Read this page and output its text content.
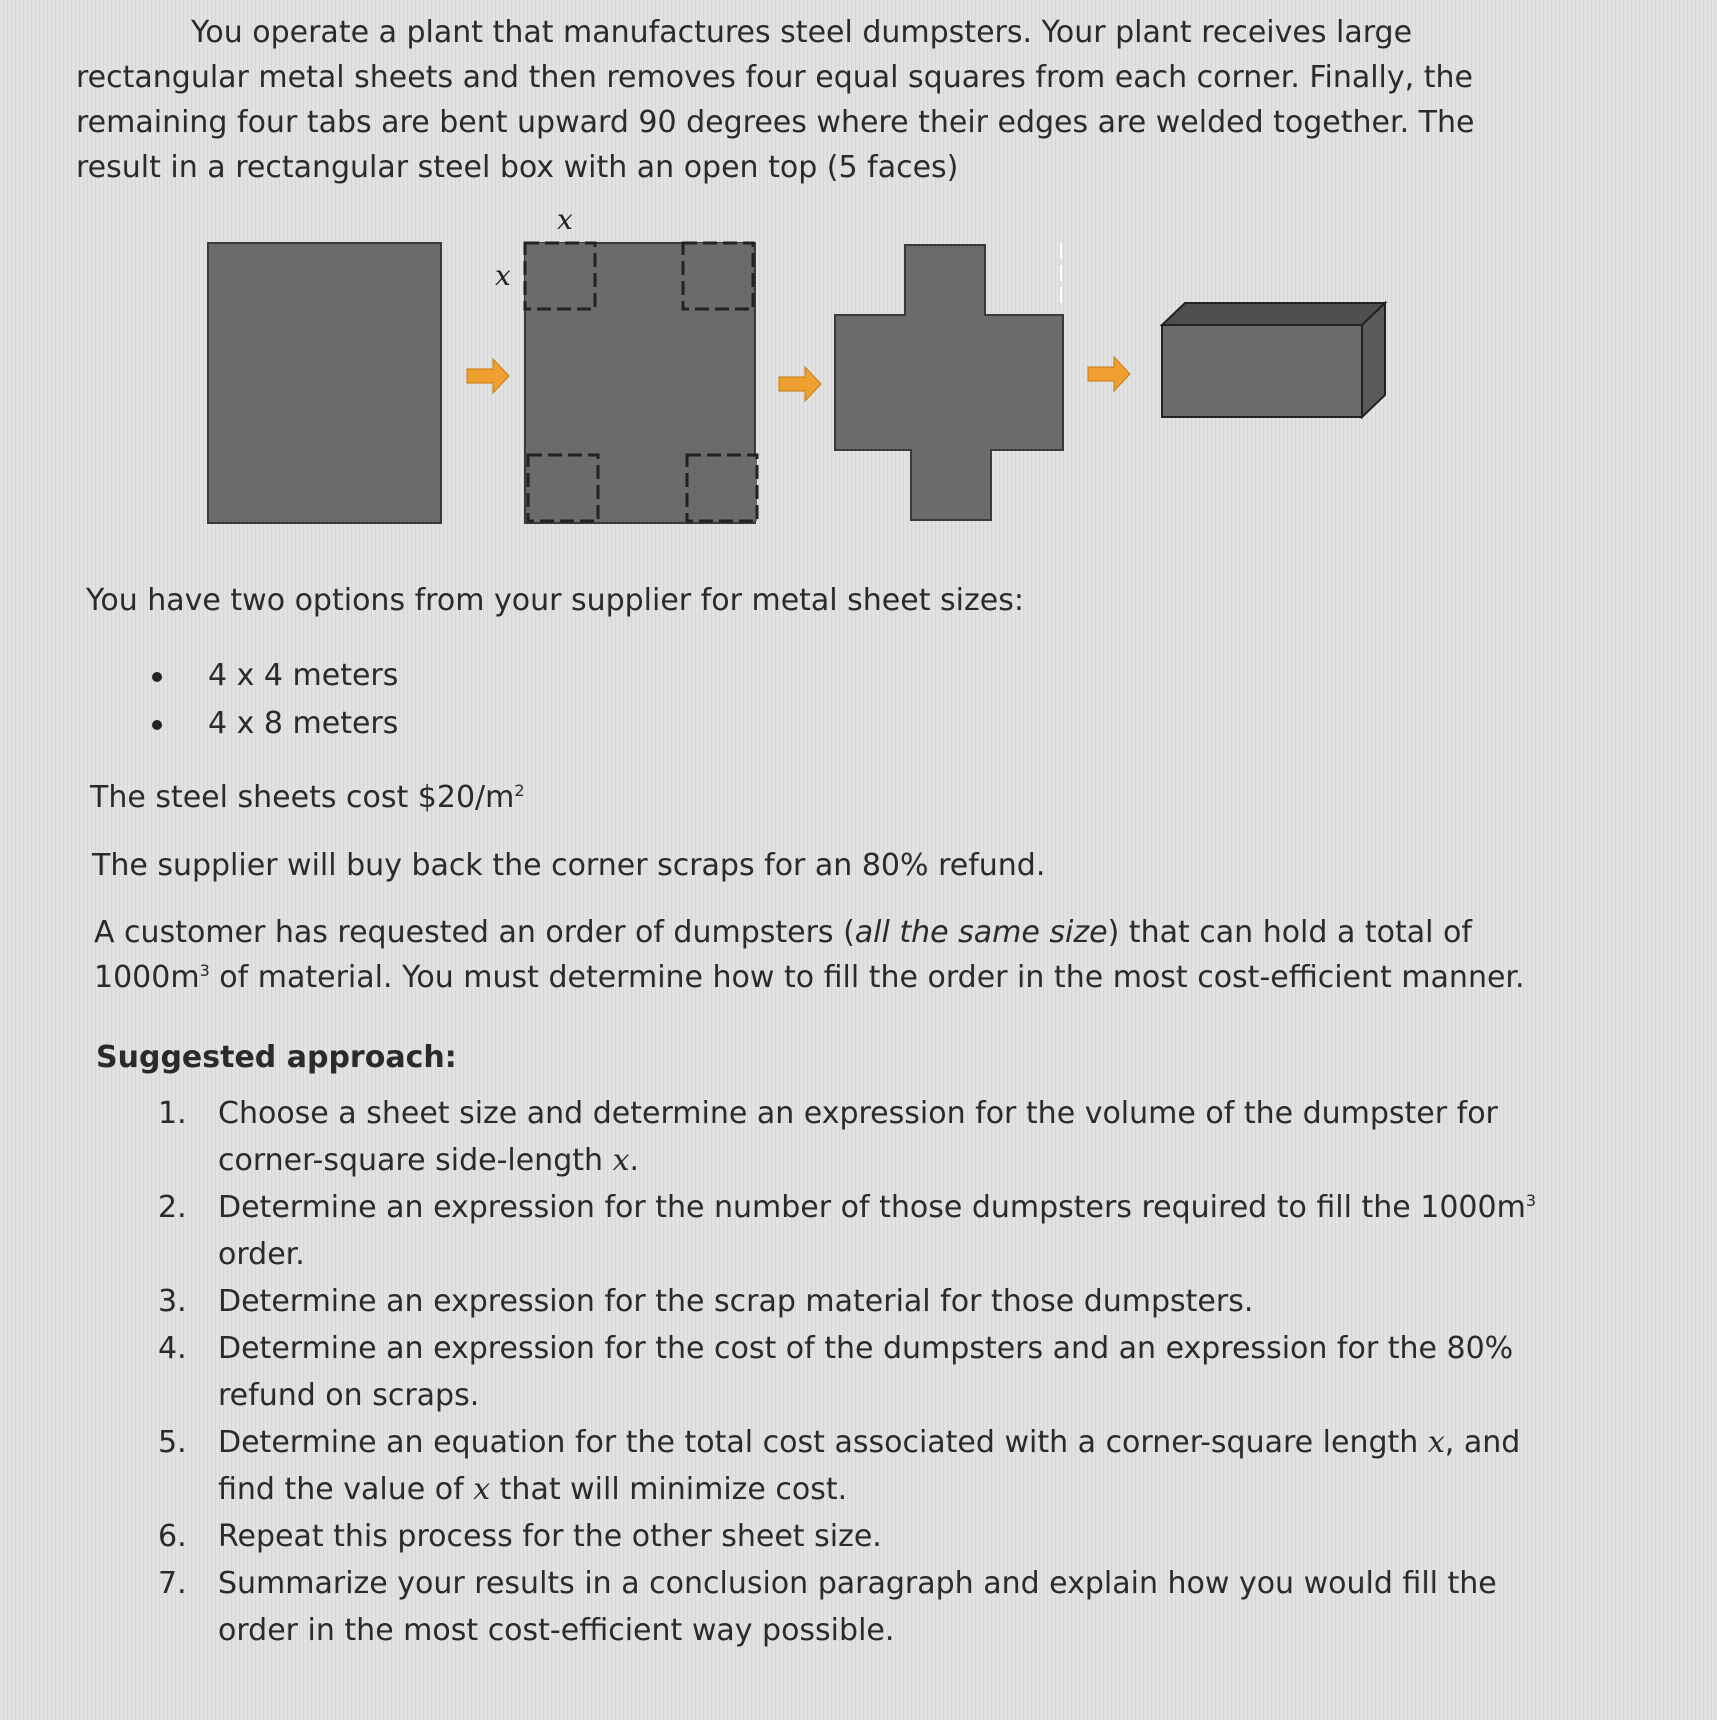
You operate a plant that manufactures steel dumpsters. Your plant receives large rectangular metal sheets and then removes four equal squares from each corner. Finally, the remaining four tabs are bent upward 90 degrees where their edges are welded together. The result in a rectangular steel box with an open top (5 faces)

x
x

You have two options from your supplier for metal sheet sizes:

4 x 4 meters
4 x 8 meters

The steel sheets cost $\$20/m^2$

The supplier will buy back the corner scraps for an 80% refund.

A customer has requested an order of dumpsters (all the same size) that can hold a total of $1000m^3$ of material. You must determine how to fill the order in the most cost-efficient manner.

Suggested approach:

1. Choose a sheet size and determine an expression for the volume of the dumpster for corner-square side-length x.
2. Determine an expression for the number of those dumpsters required to fill the $1000m^3$ order.
3. Determine an expression for the scrap material for those dumpsters.
4. Determine an expression for the cost of the dumpsters and an expression for the 80% refund on scraps.
5. Determine an equation for the total cost associated with a corner-square length x, and find the value of x that will minimize cost.
6. Repeat this process for the other sheet size.
7. Summarize your results in a conclusion paragraph and explain how you would fill the order in the most cost-efficient way possible.
